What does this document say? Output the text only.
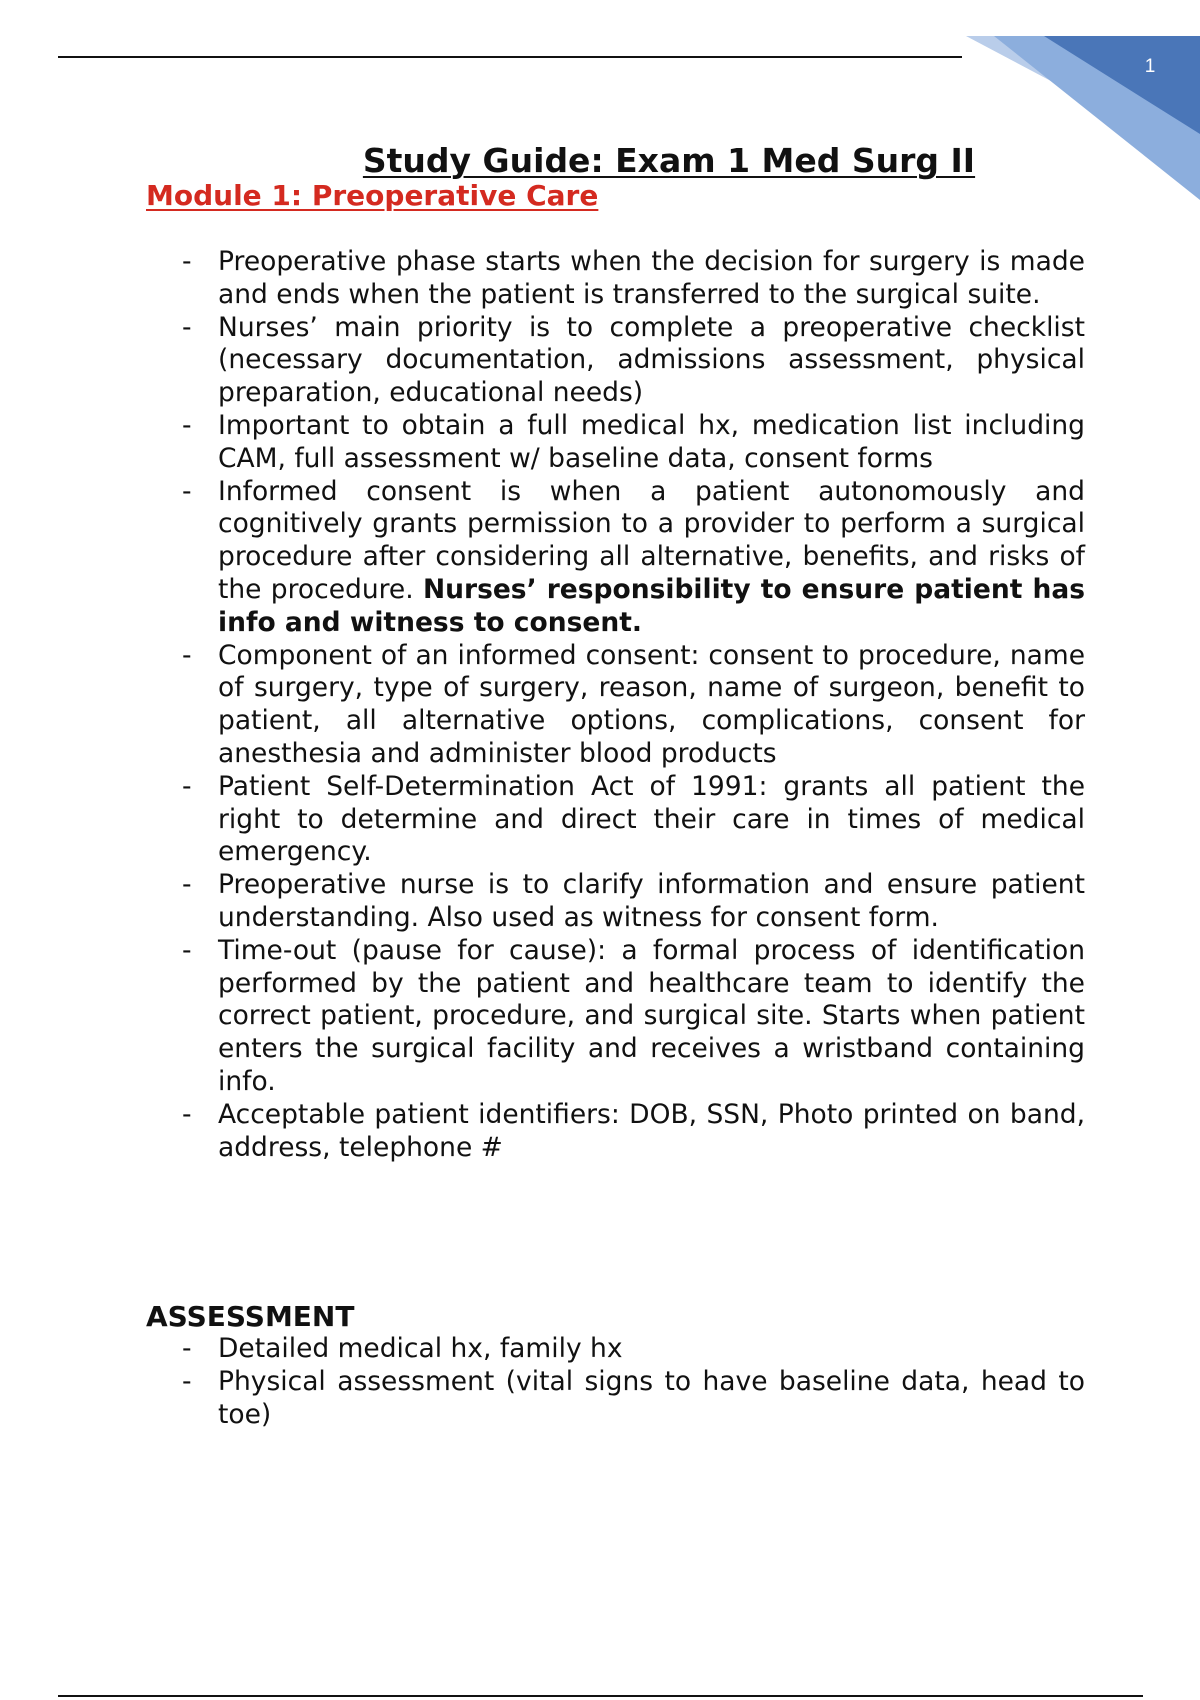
1
Study Guide: Exam 1 Med Surg II
Module 1: Preoperative Care
- Preoperative phase starts when the decision for surgery is made and ends when the patient is transferred to the surgical suite.
- Nurses’ main priority is to complete a preoperative checklist (necessary documentation, admissions assessment, physical preparation, educational needs)
- Important to obtain a full medical hx, medication list including CAM, full assessment w/ baseline data, consent forms
- Informed consent is when a patient autonomously and cognitively grants permission to a provider to perform a surgical procedure after considering all alternative, benefits, and risks of the procedure. Nurses’ responsibility to ensure patient has info and witness to consent.
- Component of an informed consent: consent to procedure, name of surgery, type of surgery, reason, name of surgeon, benefit to patient, all alternative options, complications, consent for anesthesia and administer blood products
- Patient Self-Determination Act of 1991: grants all patient the right to determine and direct their care in times of medical emergency.
- Preoperative nurse is to clarify information and ensure patient understanding. Also used as witness for consent form.
- Time-out (pause for cause): a formal process of identification performed by the patient and healthcare team to identify the correct patient, procedure, and surgical site. Starts when patient enters the surgical facility and receives a wristband containing info.
- Acceptable patient identifiers: DOB, SSN, Photo printed on band, address, telephone #
ASSESSMENT
- Detailed medical hx, family hx
- Physical assessment (vital signs to have baseline data, head to toe)
